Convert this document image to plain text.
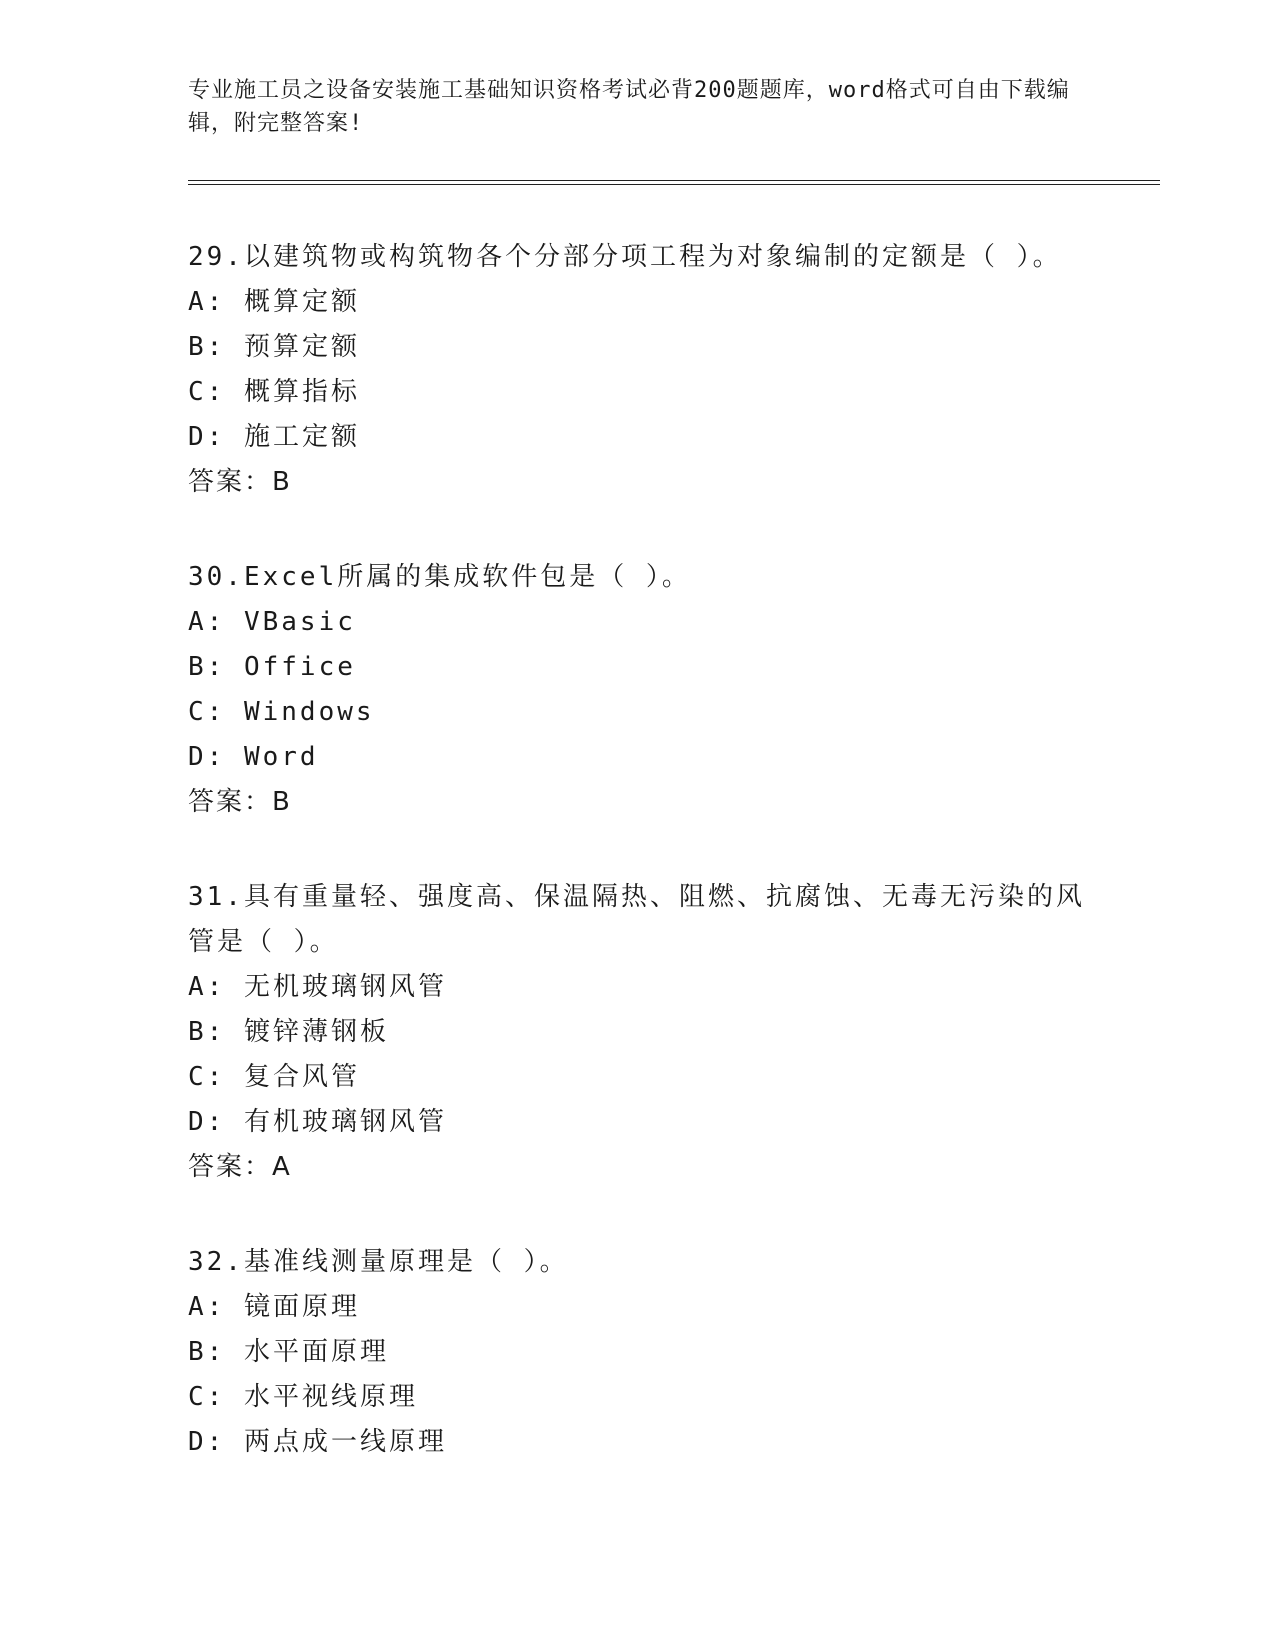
专业施工员之设备安装施工基础知识资格考试必背200题题库，word格式可自由下载编辑，附完整答案!

29.以建筑物或构筑物各个分部分项工程为对象编制的定额是（ ）。

A: 概算定额

B: 预算定额

C: 概算指标

D: 施工定额

答案：B

30.Excel所属的集成软件包是（ ）。

A: VBasic

B: Office

C: Windows

D: Word

答案：B

31.具有重量轻、强度高、保温隔热、阻燃、抗腐蚀、无毒无污染的风管是（ ）。

A: 无机玻璃钢风管

B: 镀锌薄钢板

C: 复合风管

D: 有机玻璃钢风管

答案：A

32.基准线测量原理是（ ）。

A: 镜面原理

B: 水平面原理

C: 水平视线原理

D: 两点成一线原理
